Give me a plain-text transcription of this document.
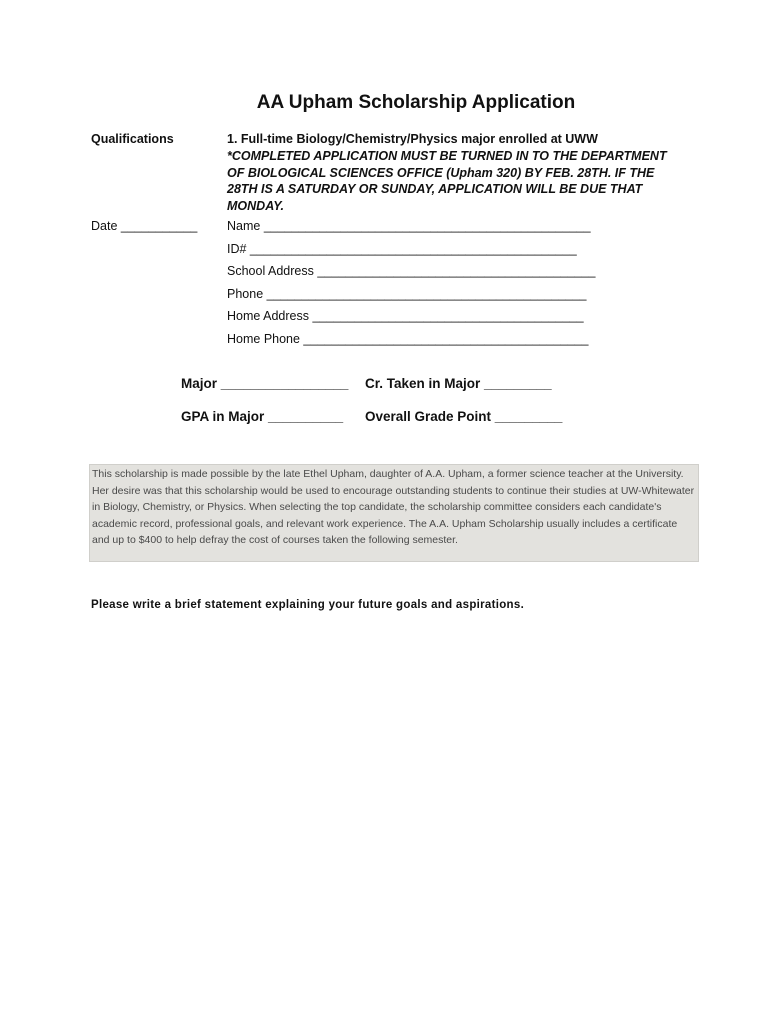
AA Upham Scholarship Application
Qualifications	1. Full-time Biology/Chemistry/Physics major enrolled at UWW
*COMPLETED APPLICATION MUST BE TURNED IN TO THE DEPARTMENT OF BIOLOGICAL SCIENCES OFFICE (Upham 320) BY FEB. 28TH. IF THE 28TH IS A SATURDAY OR SUNDAY, APPLICATION WILL BE DUE THAT MONDAY.
Date ___________ Name _______________________________________________
ID# _______________________________________________
School Address ________________________________________
Phone ______________________________________________
Home Address _______________________________________
Home Phone _________________________________________
Major _________________ Cr. Taken in Major _________
GPA in Major __________ Overall Grade Point _________
This scholarship is made possible by the late Ethel Upham, daughter of A.A. Upham, a former science teacher at the University. Her desire was that this scholarship would be used to encourage outstanding students to continue their studies at UW-Whitewater in Biology, Chemistry, or Physics. When selecting the top candidate, the scholarship committee considers each candidate's academic record, professional goals, and relevant work experience. The A.A. Upham Scholarship usually includes a certificate and up to $400 to help defray the cost of courses taken the following semester.
Please write a brief statement explaining your future goals and aspirations.
